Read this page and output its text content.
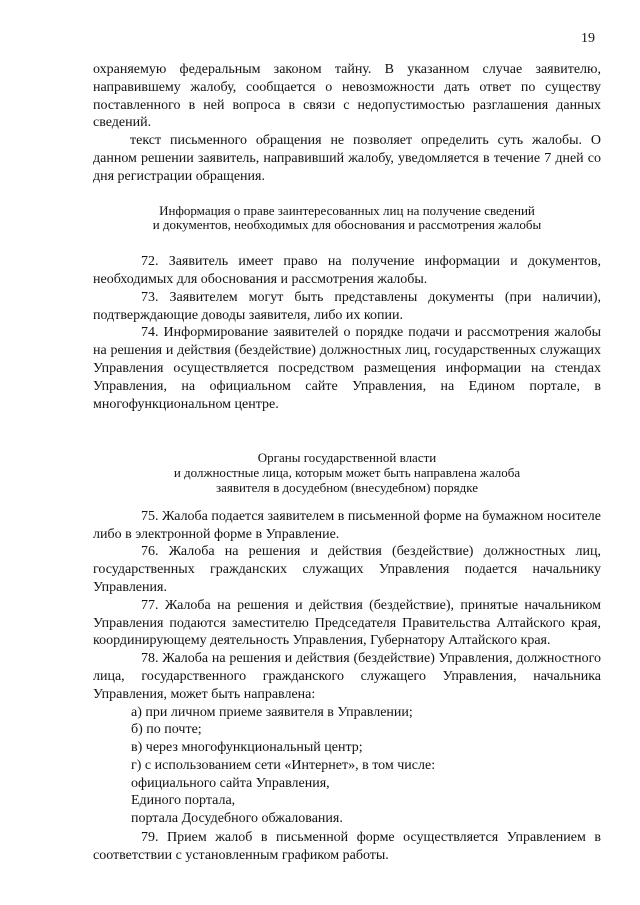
19

охраняемую федеральным законом тайну. В указанном случае заявителю, направившему жалобу, сообщается о невозможности дать ответ по существу поставленного в ней вопроса в связи с недопустимостью разглашения данных сведений.

текст письменного обращения не позволяет определить суть жалобы. О данном решении заявитель, направивший жалобу, уведомляется в течение 7 дней со дня регистрации обращения.

Информация о праве заинтересованных лиц на получение сведений
и документов, необходимых для обоснования и рассмотрения жалобы

72. Заявитель имеет право на получение информации и документов, необходимых для обоснования и рассмотрения жалобы.

73. Заявителем могут быть представлены документы (при наличии), подтверждающие доводы заявителя, либо их копии.

74. Информирование заявителей о порядке подачи и рассмотрения жалобы на решения и действия (бездействие) должностных лиц, государственных служащих Управления осуществляется посредством размещения информации на стендах Управления, на официальном сайте Управления, на Едином портале, в многофункциональном центре.

Органы государственной власти
и должностные лица, которым может быть направлена жалоба
заявителя в досудебном (внесудебном) порядке

75. Жалоба подается заявителем в письменной форме на бумажном носителе либо в электронной форме в Управление.

76. Жалоба на решения и действия (бездействие) должностных лиц, государственных гражданских служащих Управления подается начальнику Управления.

77. Жалоба на решения и действия (бездействие), принятые начальником Управления подаются заместителю Председателя Правительства Алтайского края, координирующему деятельность Управления, Губернатору Алтайского края.

78. Жалоба на решения и действия (бездействие) Управления, должностного лица, государственного гражданского служащего Управления, начальника Управления, может быть направлена:

а) при личном приеме заявителя в Управлении;

б) по почте;

в) через многофункциональный центр;

г) с использованием сети «Интернет», в том числе:

официального сайта Управления,

Единого портала,

портала Досудебного обжалования.

79. Прием жалоб в письменной форме осуществляется Управлением в соответствии с установленным графиком работы.
